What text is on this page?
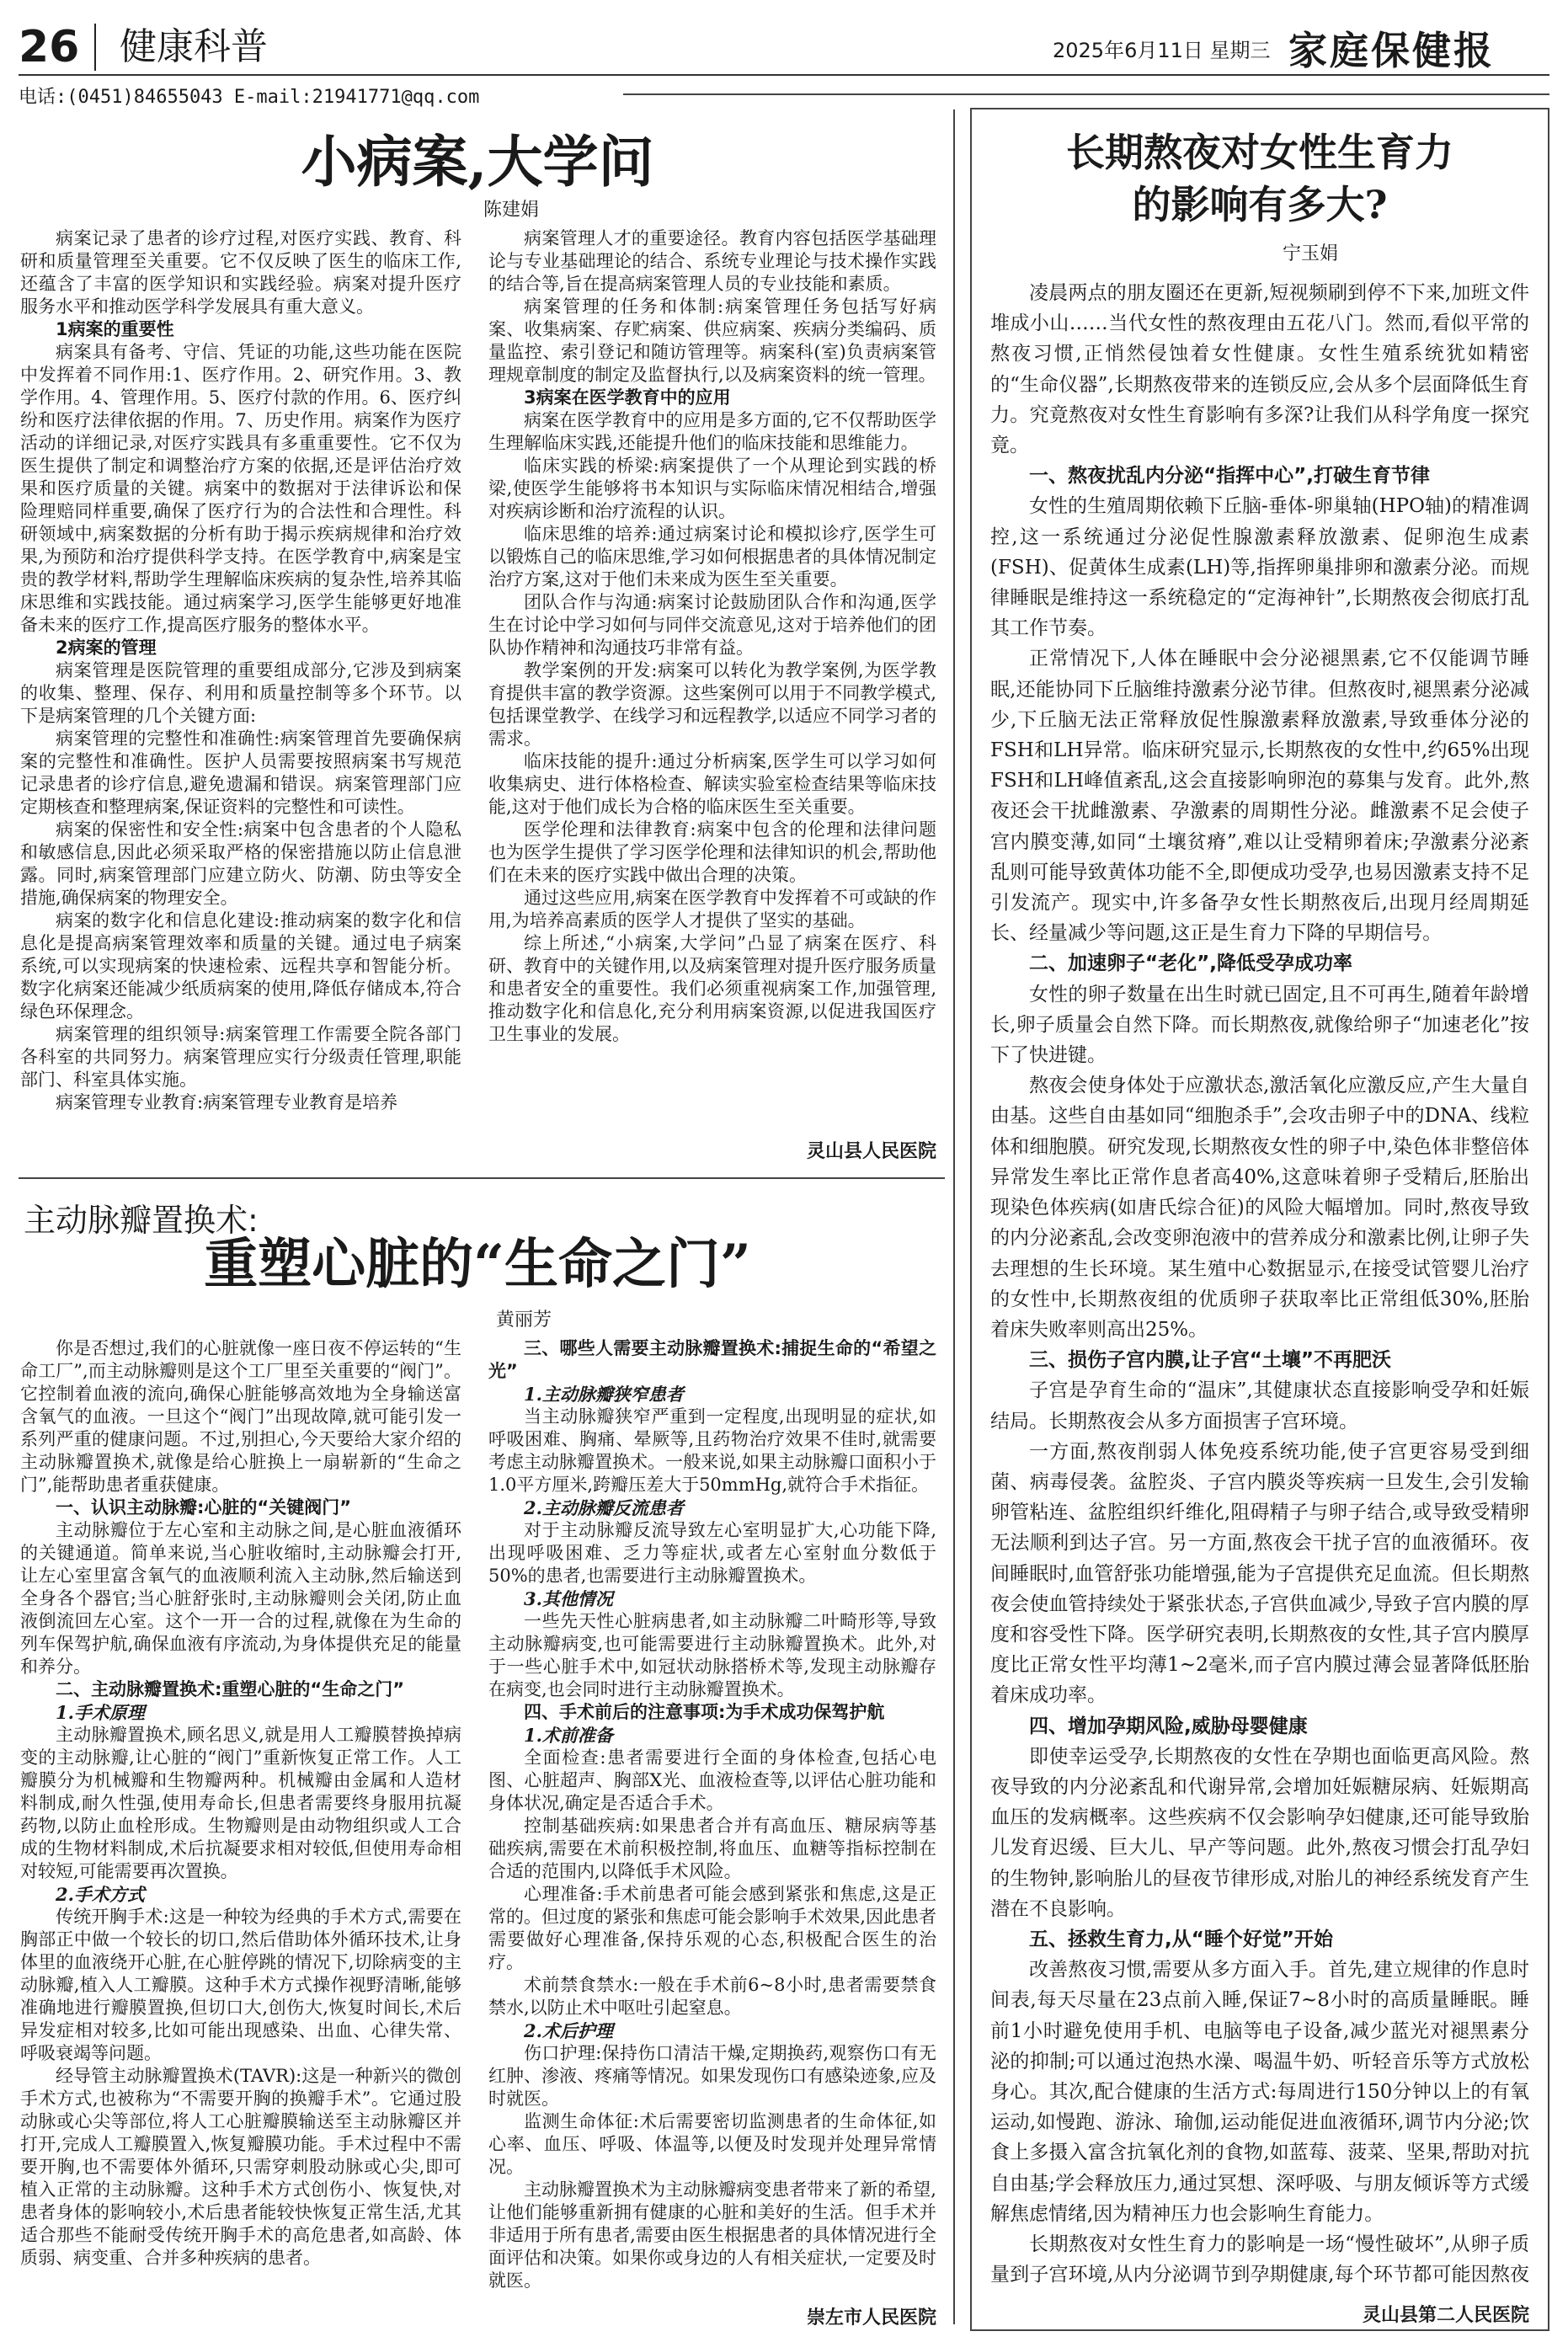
26 健康科普	2025年6月11日 星期三 家庭保健报
电话:(0451)84655043 E-mail:21941771@qq.com
小病案,大学问
陈建娟

病案记录了患者的诊疗过程,对医疗实践、教育、科研和质量管理至关重要。它不仅反映了医生的临床工作,还蕴含了丰富的医学知识和实践经验。病案对提升医疗服务水平和推动医学科学发展具有重大意义。

1病案的重要性

病案具有备考、守信、凭证的功能,这些功能在医院中发挥着不同作用:1、医疗作用。2、研究作用。3、教学作用。4、管理作用。5、医疗付款的作用。6、医疗纠纷和医疗法律依据的作用。7、历史作用。病案作为医疗活动的详细记录,对医疗实践具有多重重要性。它不仅为医生提供了制定和调整治疗方案的依据,还是评估治疗效果和医疗质量的关键。病案中的数据对于法律诉讼和保险理赔同样重要,确保了医疗行为的合法性和合理性。科研领域中,病案数据的分析有助于揭示疾病规律和治疗效果,为预防和治疗提供科学支持。在医学教育中,病案是宝贵的教学材料,帮助学生理解临床疾病的复杂性,培养其临床思维和实践技能。通过病案学习,医学生能够更好地准备未来的医疗工作,提高医疗服务的整体水平。

2病案的管理

病案管理是医院管理的重要组成部分,它涉及到病案的收集、整理、保存、利用和质量控制等多个环节。以下是病案管理的几个关键方面:

病案管理的完整性和准确性:病案管理首先要确保病案的完整性和准确性。医护人员需要按照病案书写规范记录患者的诊疗信息,避免遗漏和错误。病案管理部门应定期核查和整理病案,保证资料的完整性和可读性。

病案的保密性和安全性:病案中包含患者的个人隐私和敏感信息,因此必须采取严格的保密措施以防止信息泄露。同时,病案管理部门应建立防火、防潮、防虫等安全措施,确保病案的物理安全。

病案的数字化和信息化建设:推动病案的数字化和信息化是提高病案管理效率和质量的关键。通过电子病案系统,可以实现病案的快速检索、远程共享和智能分析。数字化病案还能减少纸质病案的使用,降低存储成本,符合绿色环保理念。

病案管理的组织领导:病案管理工作需要全院各部门各科室的共同努力。病案管理应实行分级责任管理,职能部门、科室具体实施。

病案管理专业教育:病案管理专业教育是培养

病案管理人才的重要途径。教育内容包括医学基础理论与专业基础理论的结合、系统专业理论与技术操作实践的结合等,旨在提高病案管理人员的专业技能和素质。

病案管理的任务和体制:病案管理任务包括写好病案、收集病案、存贮病案、供应病案、疾病分类编码、质量监控、索引登记和随访管理等。病案科(室)负责病案管理规章制度的制定及监督执行,以及病案资料的统一管理。

3病案在医学教育中的应用

病案在医学教育中的应用是多方面的,它不仅帮助医学生理解临床实践,还能提升他们的临床技能和思维能力。

临床实践的桥梁:病案提供了一个从理论到实践的桥梁,使医学生能够将书本知识与实际临床情况相结合,增强对疾病诊断和治疗流程的认识。

临床思维的培养:通过病案讨论和模拟诊疗,医学生可以锻炼自己的临床思维,学习如何根据患者的具体情况制定治疗方案,这对于他们未来成为医生至关重要。

团队合作与沟通:病案讨论鼓励团队合作和沟通,医学生在讨论中学习如何与同伴交流意见,这对于培养他们的团队协作精神和沟通技巧非常有益。

教学案例的开发:病案可以转化为教学案例,为医学教育提供丰富的教学资源。这些案例可以用于不同教学模式,包括课堂教学、在线学习和远程教学,以适应不同学习者的需求。

临床技能的提升:通过分析病案,医学生可以学习如何收集病史、进行体格检查、解读实验室检查结果等临床技能,这对于他们成长为合格的临床医生至关重要。

医学伦理和法律教育:病案中包含的伦理和法律问题也为医学生提供了学习医学伦理和法律知识的机会,帮助他们在未来的医疗实践中做出合理的决策。

通过这些应用,病案在医学教育中发挥着不可或缺的作用,为培养高素质的医学人才提供了坚实的基础。

综上所述,“小病案,大学问”凸显了病案在医疗、科研、教育中的关键作用,以及病案管理对提升医疗服务质量和患者安全的重要性。我们必须重视病案工作,加强管理,推动数字化和信息化,充分利用病案资源,以促进我国医疗卫生事业的发展。

灵山县人民医院
主动脉瓣置换术:
重塑心脏的“生命之门”
黄丽芳

你是否想过,我们的心脏就像一座日夜不停运转的“生命工厂”,而主动脉瓣则是这个工厂里至关重要的“阀门”。它控制着血液的流向,确保心脏能够高效地为全身输送富含氧气的血液。一旦这个“阀门”出现故障,就可能引发一系列严重的健康问题。不过,别担心,今天要给大家介绍的主动脉瓣置换术,就像是给心脏换上一扇崭新的“生命之门”,能帮助患者重获健康。

一、认识主动脉瓣:心脏的“关键阀门”

主动脉瓣位于左心室和主动脉之间,是心脏血液循环的关键通道。简单来说,当心脏收缩时,主动脉瓣会打开,让左心室里富含氧气的血液顺利流入主动脉,然后输送到全身各个器官;当心脏舒张时,主动脉瓣则会关闭,防止血液倒流回左心室。这个一开一合的过程,就像在为生命的列车保驾护航,确保血液有序流动,为身体提供充足的能量和养分。

二、主动脉瓣置换术:重塑心脏的“生命之门”

1.手术原理

主动脉瓣置换术,顾名思义,就是用人工瓣膜替换掉病变的主动脉瓣,让心脏的“阀门”重新恢复正常工作。人工瓣膜分为机械瓣和生物瓣两种。机械瓣由金属和人造材料制成,耐久性强,使用寿命长,但患者需要终身服用抗凝药物,以防止血栓形成。生物瓣则是由动物组织或人工合成的生物材料制成,术后抗凝要求相对较低,但使用寿命相对较短,可能需要再次置换。

2.手术方式

传统开胸手术:这是一种较为经典的手术方式,需要在胸部正中做一个较长的切口,然后借助体外循环技术,让身体里的血液绕开心脏,在心脏停跳的情况下,切除病变的主动脉瓣,植入人工瓣膜。这种手术方式操作视野清晰,能够准确地进行瓣膜置换,但切口大,创伤大,恢复时间长,术后异发症相对较多,比如可能出现感染、出血、心律失常、呼吸衰竭等问题。

经导管主动脉瓣置换术(TAVR):这是一种新兴的微创手术方式,也被称为“不需要开胸的换瓣手术”。它通过股动脉或心尖等部位,将人工心脏瓣膜输送至主动脉瓣区并打开,完成人工瓣膜置入,恢复瓣膜功能。手术过程中不需要开胸,也不需要体外循环,只需穿刺股动脉或心尖,即可植入正常的主动脉瓣。这种手术方式创伤小、恢复快,对患者身体的影响较小,术后患者能较快恢复正常生活,尤其适合那些不能耐受传统开胸手术的高危患者,如高龄、体质弱、病变重、合并多种疾病的患者。

三、哪些人需要主动脉瓣置换术:捕捉生命的“希望之光”

1.主动脉瓣狭窄患者

当主动脉瓣狭窄严重到一定程度,出现明显的症状,如呼吸困难、胸痛、晕厥等,且药物治疗效果不佳时,就需要考虑主动脉瓣置换术。一般来说,如果主动脉瓣口面积小于1.0平方厘米,跨瓣压差大于50mmHg,就符合手术指征。

2.主动脉瓣反流患者

对于主动脉瓣反流导致左心室明显扩大,心功能下降,出现呼吸困难、乏力等症状,或者左心室射血分数低于50%的患者,也需要进行主动脉瓣置换术。

3.其他情况

一些先天性心脏病患者,如主动脉瓣二叶畸形等,导致主动脉瓣病变,也可能需要进行主动脉瓣置换术。此外,对于一些心脏手术中,如冠状动脉搭桥术等,发现主动脉瓣存在病变,也会同时进行主动脉瓣置换术。

四、手术前后的注意事项:为手术成功保驾护航

1.术前准备

全面检查:患者需要进行全面的身体检查,包括心电图、心脏超声、胸部X光、血液检查等,以评估心脏功能和身体状况,确定是否适合手术。

控制基础疾病:如果患者合并有高血压、糖尿病等基础疾病,需要在术前积极控制,将血压、血糖等指标控制在合适的范围内,以降低手术风险。

心理准备:手术前患者可能会感到紧张和焦虑,这是正常的。但过度的紧张和焦虑可能会影响手术效果,因此患者需要做好心理准备,保持乐观的心态,积极配合医生的治疗。

术前禁食禁水:一般在手术前6~8小时,患者需要禁食禁水,以防止术中呕吐引起窒息。

2.术后护理

伤口护理:保持伤口清洁干燥,定期换药,观察伤口有无红肿、渗液、疼痛等情况。如果发现伤口有感染迹象,应及时就医。

监测生命体征:术后需要密切监测患者的生命体征,如心率、血压、呼吸、体温等,以便及时发现并处理异常情况。

主动脉瓣置换术为主动脉瓣病变患者带来了新的希望,让他们能够重新拥有健康的心脏和美好的生活。但手术并非适用于所有患者,需要由医生根据患者的具体情况进行全面评估和决策。如果你或身边的人有相关症状,一定要及时就医。

崇左市人民医院
长期熬夜对女性生育力
的影响有多大?
宁玉娟

凌晨两点的朋友圈还在更新,短视频刷到停不下来,加班文件堆成小山……当代女性的熬夜理由五花八门。然而,看似平常的熬夜习惯,正悄然侵蚀着女性健康。女性生殖系统犹如精密的“生命仪器”,长期熬夜带来的连锁反应,会从多个层面降低生育力。究竟熬夜对女性生育影响有多深?让我们从科学角度一探究竟。

一、熬夜扰乱内分泌“指挥中心”,打破生育节律

女性的生殖周期依赖下丘脑-垂体-卵巢轴(HPO轴)的精准调控,这一系统通过分泌促性腺激素释放激素、促卵泡生成素(FSH)、促黄体生成素(LH)等,指挥卵巢排卵和激素分泌。而规律睡眠是维持这一系统稳定的“定海神针”,长期熬夜会彻底打乱其工作节奏。

正常情况下,人体在睡眠中会分泌褪黑素,它不仅能调节睡眠,还能协同下丘脑维持激素分泌节律。但熬夜时,褪黑素分泌减少,下丘脑无法正常释放促性腺激素释放激素,导致垂体分泌的FSH和LH异常。临床研究显示,长期熬夜的女性中,约65%出现FSH和LH峰值紊乱,这会直接影响卵泡的募集与发育。此外,熬夜还会干扰雌激素、孕激素的周期性分泌。雌激素不足会使子宫内膜变薄,如同“土壤贫瘠”,难以让受精卵着床;孕激素分泌紊乱则可能导致黄体功能不全,即便成功受孕,也易因激素支持不足引发流产。现实中,许多备孕女性长期熬夜后,出现月经周期延长、经量减少等问题,这正是生育力下降的早期信号。

二、加速卵子“老化”,降低受孕成功率

女性的卵子数量在出生时就已固定,且不可再生,随着年龄增长,卵子质量会自然下降。而长期熬夜,就像给卵子“加速老化”按下了快进键。

熬夜会使身体处于应激状态,激活氧化应激反应,产生大量自由基。这些自由基如同“细胞杀手”,会攻击卵子中的DNA、线粒体和细胞膜。研究发现,长期熬夜女性的卵子中,染色体非整倍体异常发生率比正常作息者高40%,这意味着卵子受精后,胚胎出现染色体疾病(如唐氏综合征)的风险大幅增加。同时,熬夜导致的内分泌紊乱,会改变卵泡液中的营养成分和激素比例,让卵子失去理想的生长环境。某生殖中心数据显示,在接受试管婴儿治疗的女性中,长期熬夜组的优质卵子获取率比正常组低30%,胚胎着床失败率则高出25%。

三、损伤子宫内膜,让子宫“土壤”不再肥沃

子宫是孕育生命的“温床”,其健康状态直接影响受孕和妊娠结局。长期熬夜会从多方面损害子宫环境。

一方面,熬夜削弱人体免疫系统功能,使子宫更容易受到细菌、病毒侵袭。盆腔炎、子宫内膜炎等疾病一旦发生,会引发输卵管粘连、盆腔组织纤维化,阻碍精子与卵子结合,或导致受精卵无法顺利到达子宫。另一方面,熬夜会干扰子宫的血液循环。夜间睡眠时,血管舒张功能增强,能为子宫提供充足血流。但长期熬夜会使血管持续处于紧张状态,子宫供血减少,导致子宫内膜的厚度和容受性下降。医学研究表明,长期熬夜的女性,其子宫内膜厚度比正常女性平均薄1~2毫米,而子宫内膜过薄会显著降低胚胎着床成功率。

四、增加孕期风险,威胁母婴健康

即使幸运受孕,长期熬夜的女性在孕期也面临更高风险。熬夜导致的内分泌紊乱和代谢异常,会增加妊娠糖尿病、妊娠期高血压的发病概率。这些疾病不仅会影响孕妇健康,还可能导致胎儿发育迟缓、巨大儿、早产等问题。此外,熬夜习惯会打乱孕妇的生物钟,影响胎儿的昼夜节律形成,对胎儿的神经系统发育产生潜在不良影响。

五、拯救生育力,从“睡个好觉”开始

改善熬夜习惯,需要从多方面入手。首先,建立规律的作息时间表,每天尽量在23点前入睡,保证7~8小时的高质量睡眠。睡前1小时避免使用手机、电脑等电子设备,减少蓝光对褪黑素分泌的抑制;可以通过泡热水澡、喝温牛奶、听轻音乐等方式放松身心。其次,配合健康的生活方式:每周进行150分钟以上的有氧运动,如慢跑、游泳、瑜伽,运动能促进血液循环,调节内分泌;饮食上多摄入富含抗氧化剂的食物,如蓝莓、菠菜、坚果,帮助对抗自由基;学会释放压力,通过冥想、深呼吸、与朋友倾诉等方式缓解焦虑情绪,因为精神压力也会影响生育能力。

长期熬夜对女性生育力的影响是一场“慢性破坏”,从卵子质量到子宫环境,从内分泌调节到孕期健康,每个环节都可能因熬夜

灵山县第二人民医院
